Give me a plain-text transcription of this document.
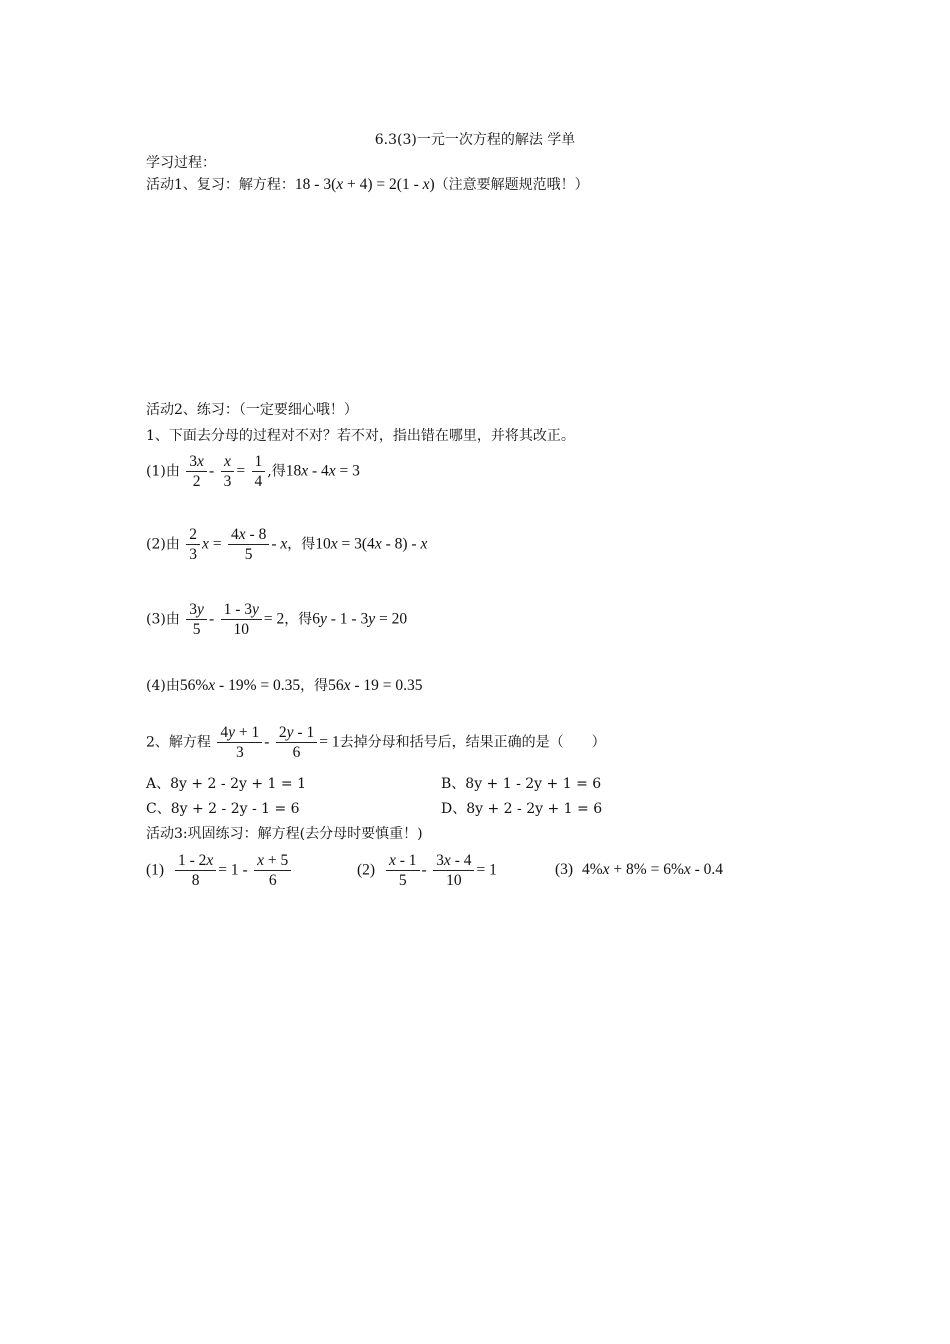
6.3(3)一元一次方程的解法 学单
学习过程：
活动1、复习：解方程：18 - 3(x + 4) = 2(1 - x)（注意要解题规范哦！）
活动2、练习：（一定要细心哦！）
1、下面去分母的过程对不对？若不对，指出错在哪里，并将其改正。
(1)由 $\frac{3x}{2} - \frac{x}{3} = \frac{1}{4}$ ,得18x - 4x = 3
(2)由 $\frac{2}{3}$ $x = \frac{4x - 8}{5} - x$，得10x = 3(4x - 8) - x
(3)由 $\frac{3y}{5} - \frac{1 - 3y}{10} = 2$，得6y - 1 - 3y = 20
(4)由56%x - 19% = 0.35，得56x - 19 = 0.35
2、解方程 $\frac{4y + 1}{3} - \frac{2y - 1}{6} = 1$去掉分母和括号后，结果正确的是（　　）
A、8y + 2 - 2y + 1 = 1	B、8y + 1 - 2y + 1 = 6
C、8y + 2 - 2y - 1 = 6	D、8y + 2 - 2y + 1 = 6
活动3:巩固练习：解方程(去分母时要慎重！)
$(1) \frac{1 - 2x}{8} = 1 - \frac{x + 5}{6}$	$(2) \frac{x - 1}{5} - \frac{3x - 4}{10} = 1$	(3) 4%x + 8% = 6%x - 0.4
